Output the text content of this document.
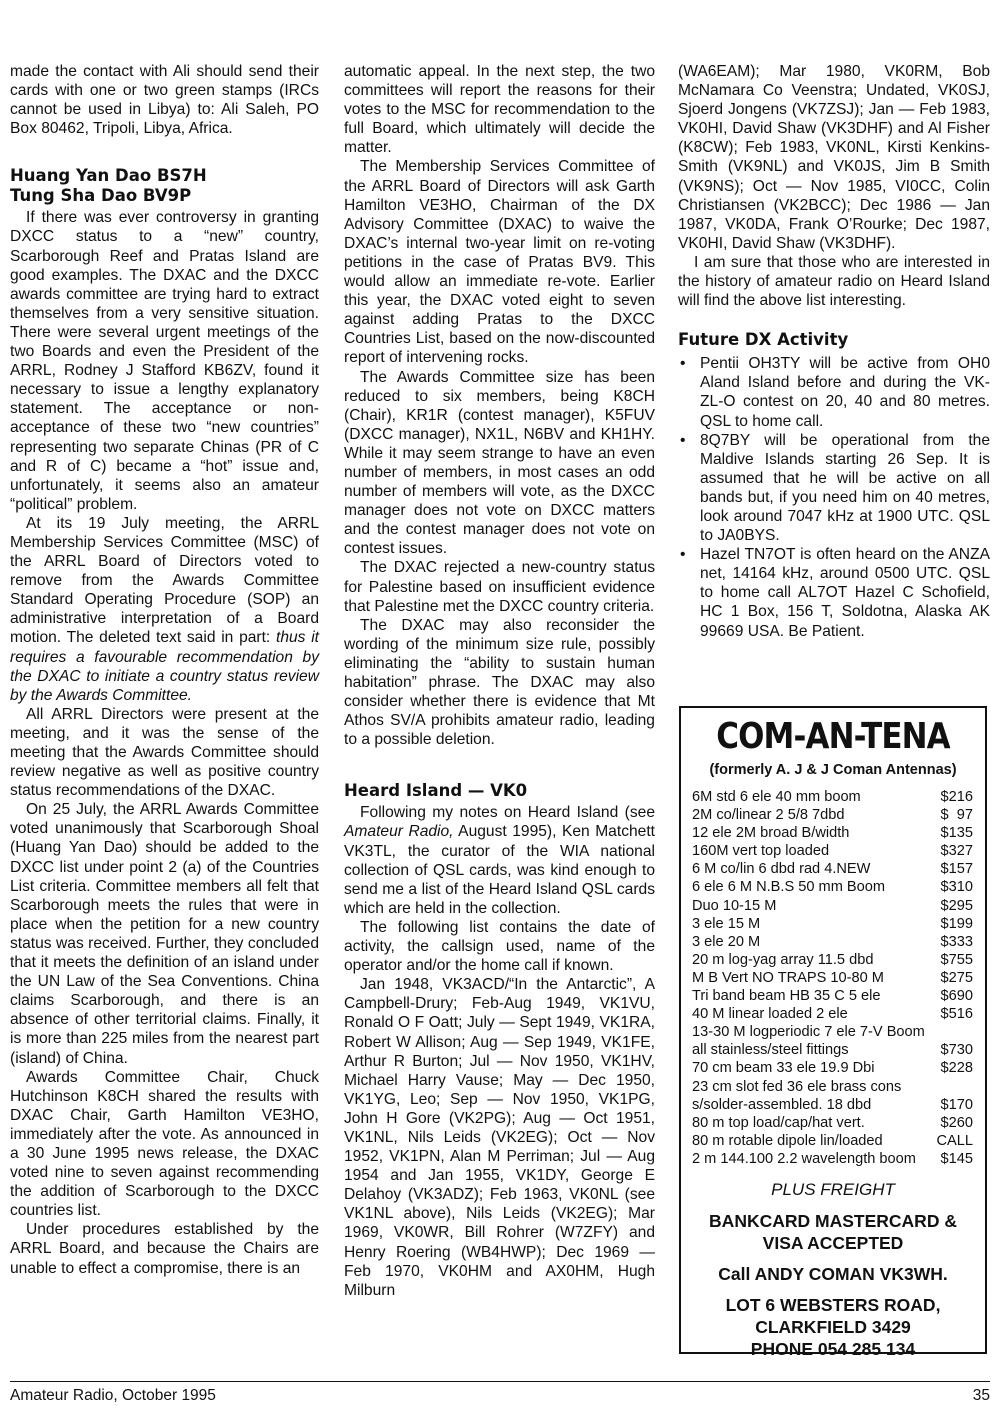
made the contact with Ali should send their cards with one or two green stamps (IRCs cannot be used in Libya) to: Ali Saleh, PO Box 80462, Tripoli, Libya, Africa.

Huang Yan Dao BS7H
Tung Sha Dao BV9P

If there was ever controversy in granting DXCC status to a “new” country, Scarborough Reef and Pratas Island are good examples. The DXAC and the DXCC awards committee are trying hard to extract themselves from a very sensitive situation. There were several urgent meetings of the two Boards and even the President of the ARRL, Rodney J Stafford KB6ZV, found it necessary to issue a lengthy explanatory statement. The acceptance or non-acceptance of these two “new countries” representing two separate Chinas (PR of C and R of C) became a “hot” issue and, unfortunately, it seems also an amateur “political” problem.

At its 19 July meeting, the ARRL Membership Services Committee (MSC) of the ARRL Board of Directors voted to remove from the Awards Committee Standard Operating Procedure (SOP) an administrative interpretation of a Board motion. The deleted text said in part: thus it requires a favourable recommendation by the DXAC to initiate a country status review by the Awards Committee.

All ARRL Directors were present at the meeting, and it was the sense of the meeting that the Awards Committee should review negative as well as positive country status recommendations of the DXAC.

On 25 July, the ARRL Awards Committee voted unanimously that Scarborough Shoal (Huang Yan Dao) should be added to the DXCC list under point 2 (a) of the Countries List criteria. Committee members all felt that Scarborough meets the rules that were in place when the petition for a new country status was received. Further, they concluded that it meets the definition of an island under the UN Law of the Sea Conventions. China claims Scarborough, and there is an absence of other territorial claims. Finally, it is more than 225 miles from the nearest part (island) of China.

Awards Committee Chair, Chuck Hutchinson K8CH shared the results with DXAC Chair, Garth Hamilton VE3HO, immediately after the vote. As announced in a 30 June 1995 news release, the DXAC voted nine to seven against recommending the addition of Scarborough to the DXCC countries list.

Under procedures established by the ARRL Board, and because the Chairs are unable to effect a compromise, there is an

automatic appeal. In the next step, the two committees will report the reasons for their votes to the MSC for recommendation to the full Board, which ultimately will decide the matter.

The Membership Services Committee of the ARRL Board of Directors will ask Garth Hamilton VE3HO, Chairman of the DX Advisory Committee (DXAC) to waive the DXAC’s internal two-year limit on re-voting petitions in the case of Pratas BV9. This would allow an immediate re-vote. Earlier this year, the DXAC voted eight to seven against adding Pratas to the DXCC Countries List, based on the now-discounted report of intervening rocks.

The Awards Committee size has been reduced to six members, being K8CH (Chair), KR1R (contest manager), K5FUV (DXCC manager), NX1L, N6BV and KH1HY. While it may seem strange to have an even number of members, in most cases an odd number of members will vote, as the DXCC manager does not vote on DXCC matters and the contest manager does not vote on contest issues.

The DXAC rejected a new-country status for Palestine based on insufficient evidence that Palestine met the DXCC country criteria.

The DXAC may also reconsider the wording of the minimum size rule, possibly eliminating the “ability to sustain human habitation” phrase. The DXAC may also consider whether there is evidence that Mt Athos SV/A prohibits amateur radio, leading to a possible deletion.

Heard Island — VK0

Following my notes on Heard Island (see Amateur Radio, August 1995), Ken Matchett VK3TL, the curator of the WIA national collection of QSL cards, was kind enough to send me a list of the Heard Island QSL cards which are held in the collection.

The following list contains the date of activity, the callsign used, name of the operator and/or the home call if known.

Jan 1948, VK3ACD/“In the Antarctic”, A Campbell-Drury; Feb-Aug 1949, VK1VU, Ronald O F Oatt; July — Sept 1949, VK1RA, Robert W Allison; Aug — Sep 1949, VK1FE, Arthur R Burton; Jul — Nov 1950, VK1HV, Michael Harry Vause; May — Dec 1950, VK1YG, Leo; Sep — Nov 1950, VK1PG, John H Gore (VK2PG); Aug — Oct 1951, VK1NL, Nils Leids (VK2EG); Oct — Nov 1952, VK1PN, Alan M Perriman; Jul — Aug 1954 and Jan 1955, VK1DY, George E Delahoy (VK3ADZ); Feb 1963, VK0NL (see VK1NL above), Nils Leids (VK2EG); Mar 1969, VK0WR, Bill Rohrer (W7ZFY) and Henry Roering (WB4HWP); Dec 1969 — Feb 1970, VK0HM and AX0HM, Hugh Milburn

(WA6EAM); Mar 1980, VK0RM, Bob McNamara Co Veenstra; Undated, VK0SJ, Sjoerd Jongens (VK7ZSJ); Jan — Feb 1983, VK0HI, David Shaw (VK3DHF) and Al Fisher (K8CW); Feb 1983, VK0NL, Kirsti Kenkins-Smith (VK9NL) and VK0JS, Jim B Smith (VK9NS); Oct — Nov 1985, VI0CC, Colin Christiansen (VK2BCC); Dec 1986 — Jan 1987, VK0DA, Frank O’Rourke; Dec 1987, VK0HI, David Shaw (VK3DHF).

I am sure that those who are interested in the history of amateur radio on Heard Island will find the above list interesting.

Future DX Activity
• Pentii OH3TY will be active from OH0 Aland Island before and during the VK-ZL-O contest on 20, 40 and 80 metres. QSL to home call.
• 8Q7BY will be operational from the Maldive Islands starting 26 Sep. It is assumed that he will be active on all bands but, if you need him on 40 metres, look around 7047 kHz at 1900 UTC. QSL to JA0BYS.
• Hazel TN7OT is often heard on the ANZA net, 14164 kHz, around 0500 UTC. QSL to home call AL7OT Hazel C Schofield, HC 1 Box, 156 T, Soldotna, Alaska AK 99669 USA. Be Patient.
COM-AN-TENA
(formerly A. J & J Coman Antennas)
6M std 6 ele 40 mm boom	$216
2M co/linear 2 5/8 7dbd	$  97
12 ele 2M broad B/width	$135
160M vert top loaded	$327
6 M co/lin 6 dbd rad 4.NEW	$157
6 ele 6 M N.B.S 50 mm Boom	$310
Duo 10-15 M	$295
3 ele 15 M	$199
3 ele 20 M	$333
20 m log-yag array 11.5 dbd	$755
M B Vert NO TRAPS 10-80 M	$275
Tri band beam HB 35 C 5 ele	$690
40 M linear loaded 2 ele	$516
13-30 M logperiodic 7 ele 7-V Boom
all stainless/steel fittings	$730
70 cm beam 33 ele 19.9 Dbi	$228
23 cm slot fed 36 ele brass cons
s/solder-assembled. 18 dbd	$170
80 m top load/cap/hat vert.	$260
80 m rotable dipole lin/loaded	CALL
2 m 144.100 2.2 wavelength boom $145
PLUS FREIGHT
BANKCARD MASTERCARD &
VISA ACCEPTED
Call ANDY COMAN VK3WH.
LOT 6 WEBSTERS ROAD,
CLARKFIELD 3429
PHONE 054 285 134
Amateur Radio, October 1995	35
